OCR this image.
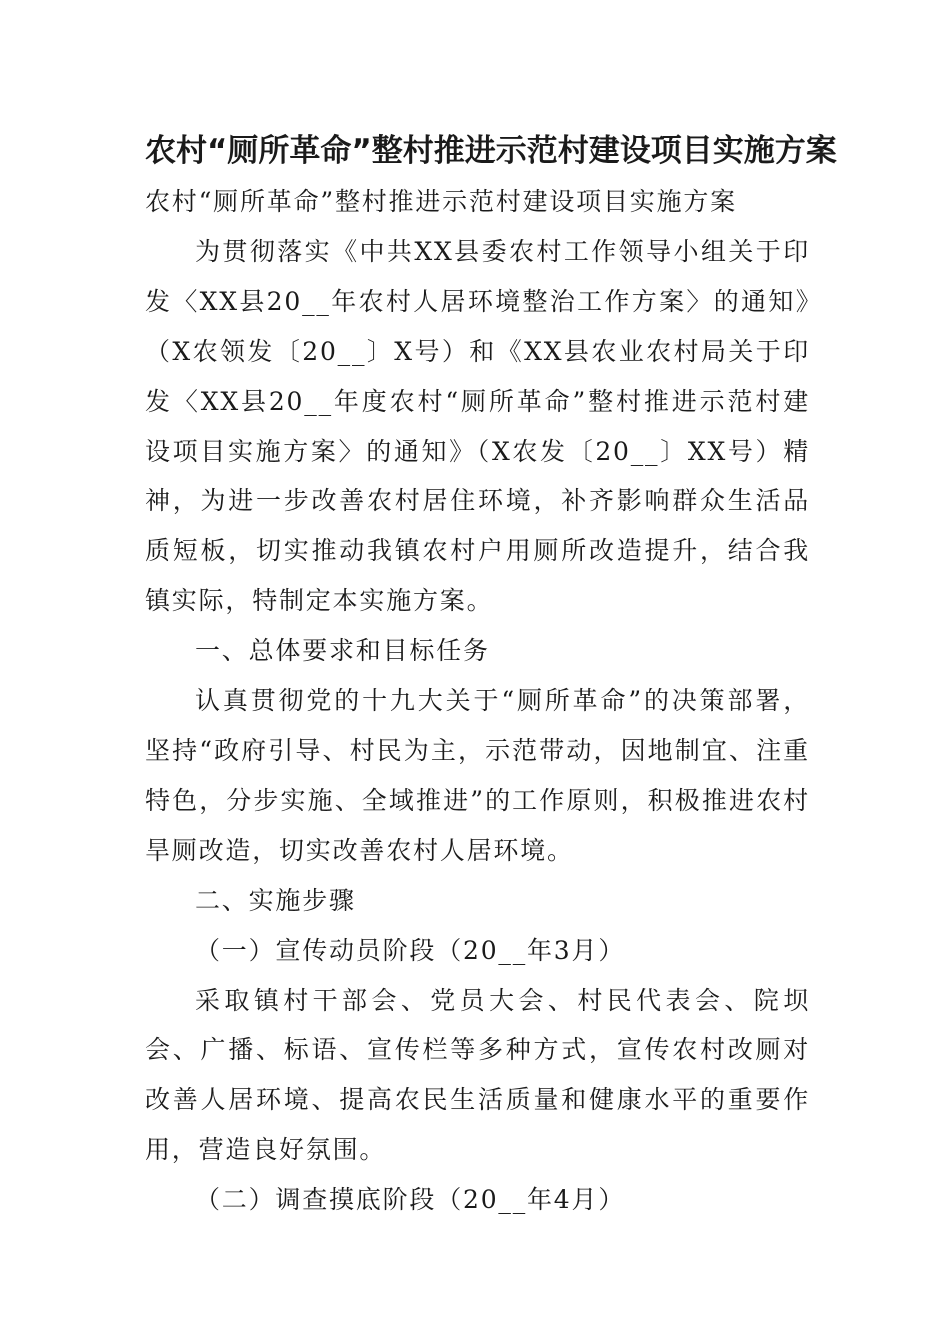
农村“厕所革命”整村推进示范村建设项目实施方案

农村“厕所革命”整村推进示范村建设项目实施方案

为贯彻落实《中共XX县委农村工作领导小组关于印发〈XX县20__年农村人居环境整治工作方案〉的通知》（X农领发〔20__〕X号）和《XX县农业农村局关于印发〈XX县20__年度农村“厕所革命”整村推进示范村建设项目实施方案〉的通知》（X农发〔20__〕XX号）精神，为进一步改善农村居住环境，补齐影响群众生活品质短板，切实推动我镇农村户用厕所改造提升，结合我镇实际，特制定本实施方案。

一、总体要求和目标任务

认真贯彻党的十九大关于“厕所革命”的决策部署，坚持“政府引导、村民为主，示范带动，因地制宜、注重特色，分步实施、全域推进”的工作原则，积极推进农村旱厕改造，切实改善农村人居环境。

二、实施步骤

（一）宣传动员阶段（20__年3月）

采取镇村干部会、党员大会、村民代表会、院坝会、广播、标语、宣传栏等多种方式，宣传农村改厕对改善人居环境、提高农民生活质量和健康水平的重要作用，营造良好氛围。

（二）调查摸底阶段（20__年4月）
